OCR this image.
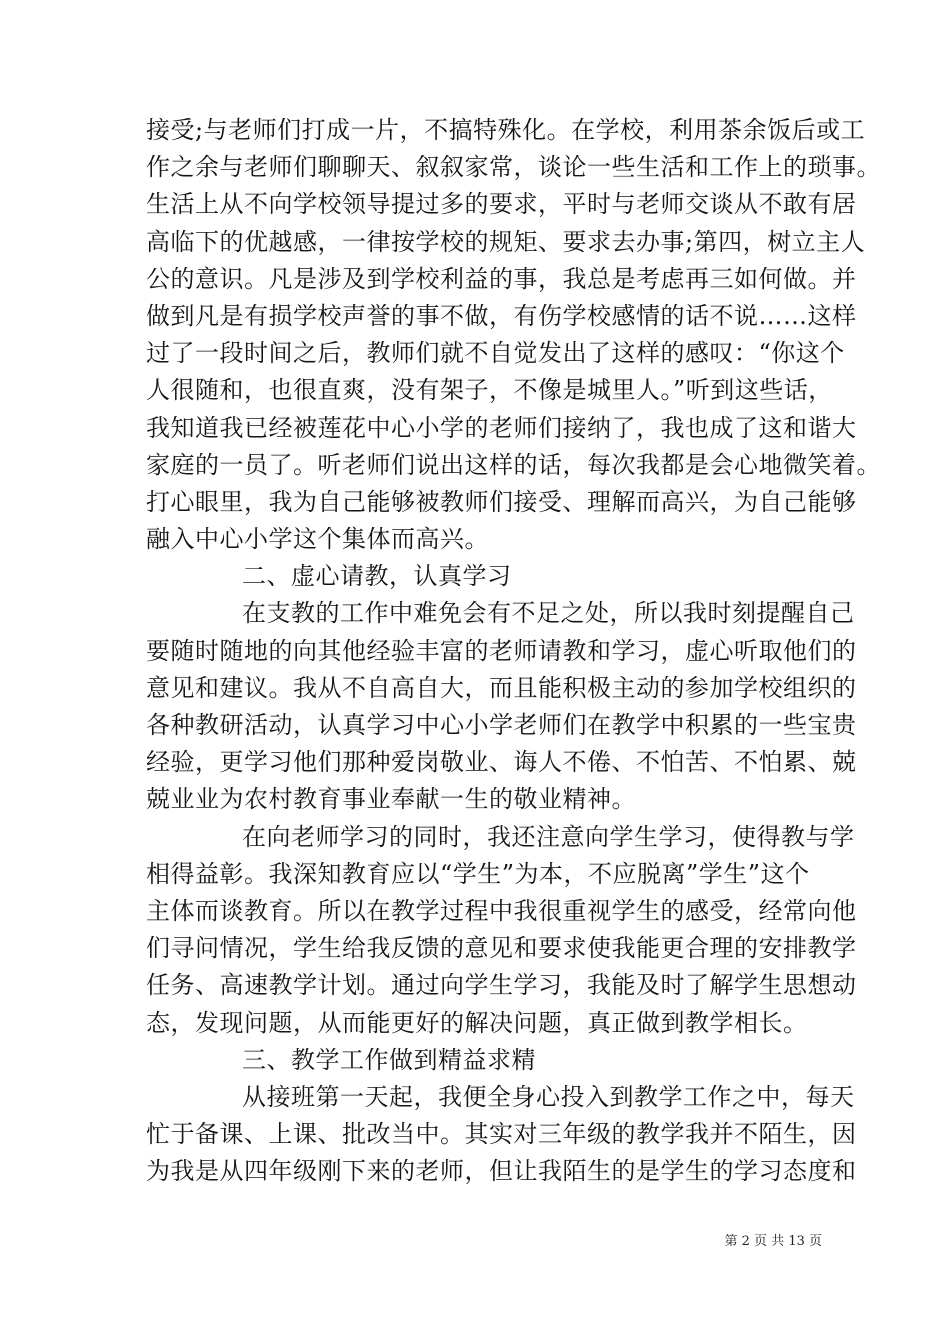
接受;与老师们打成一片，不搞特殊化。在学校，利用茶余饭后或工
作之余与老师们聊聊天、叙叙家常，谈论一些生活和工作上的琐事。
生活上从不向学校领导提过多的要求，平时与老师交谈从不敢有居
高临下的优越感，一律按学校的规矩、要求去办事;第四，树立主人
公的意识。凡是涉及到学校利益的事，我总是考虑再三如何做。并
做到凡是有损学校声誉的事不做，有伤学校感情的话不说……这样
过了一段时间之后，教师们就不自觉发出了这样的感叹：“你这个
人很随和，也很直爽，没有架子，不像是城里人。”听到这些话，
我知道我已经被莲花中心小学的老师们接纳了，我也成了这和谐大
家庭的一员了。听老师们说出这样的话，每次我都是会心地微笑着。
打心眼里，我为自己能够被教师们接受、理解而高兴，为自己能够
融入中心小学这个集体而高兴。
二、虚心请教，认真学习
在支教的工作中难免会有不足之处，所以我时刻提醒自己
要随时随地的向其他经验丰富的老师请教和学习，虚心听取他们的
意见和建议。我从不自高自大，而且能积极主动的参加学校组织的
各种教研活动，认真学习中心小学老师们在教学中积累的一些宝贵
经验，更学习他们那种爱岗敬业、诲人不倦、不怕苦、不怕累、兢
兢业业为农村教育事业奉献一生的敬业精神。
在向老师学习的同时，我还注意向学生学习，使得教与学
相得益彰。我深知教育应以“学生”为本，不应脱离”学生”这个
主体而谈教育。所以在教学过程中我很重视学生的感受，经常向他
们寻问情况，学生给我反馈的意见和要求使我能更合理的安排教学
任务、高速教学计划。通过向学生学习，我能及时了解学生思想动
态，发现问题，从而能更好的解决问题，真正做到教学相长。
三、教学工作做到精益求精
从接班第一天起，我便全身心投入到教学工作之中，每天
忙于备课、上课、批改当中。其实对三年级的教学我并不陌生，因
为我是从四年级刚下来的老师，但让我陌生的是学生的学习态度和
第 2 页 共 13 页
